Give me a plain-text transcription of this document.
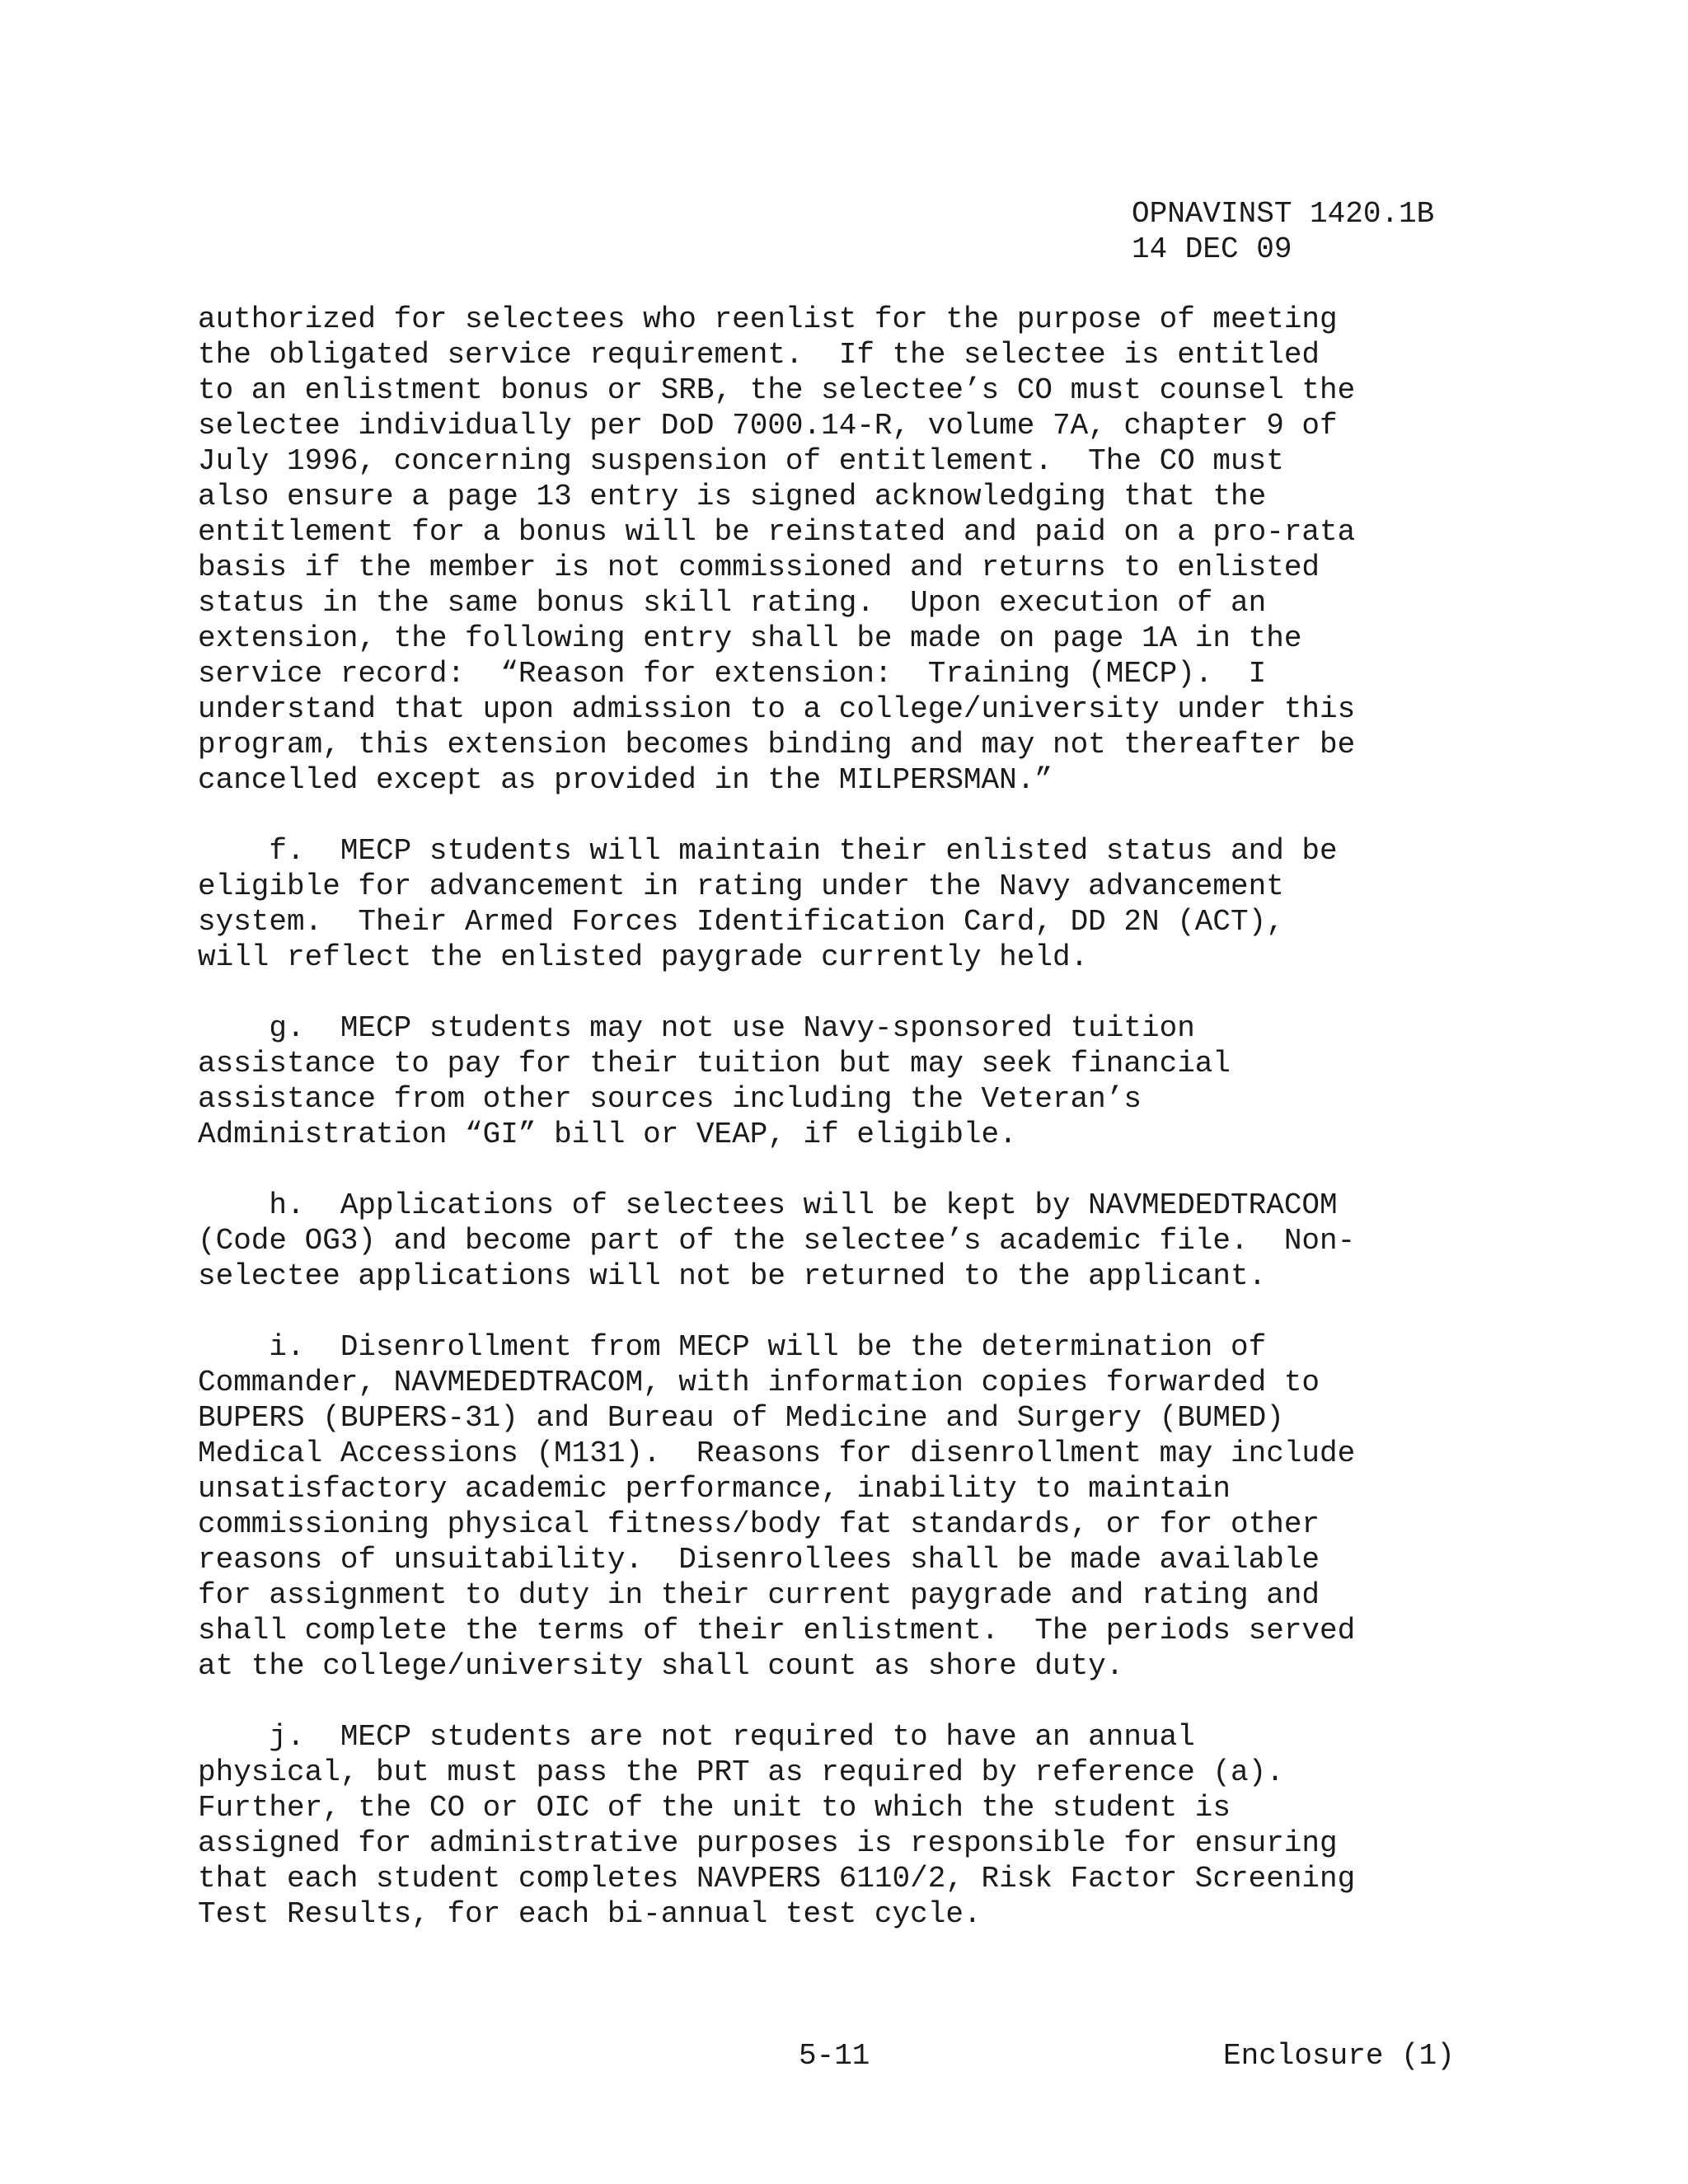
OPNAVINST 1420.1B
14 DEC 09
authorized for selectees who reenlist for the purpose of meeting
the obligated service requirement.  If the selectee is entitled
to an enlistment bonus or SRB, the selectee’s CO must counsel the
selectee individually per DoD 7000.14-R, volume 7A, chapter 9 of
July 1996, concerning suspension of entitlement.  The CO must
also ensure a page 13 entry is signed acknowledging that the
entitlement for a bonus will be reinstated and paid on a pro-rata
basis if the member is not commissioned and returns to enlisted
status in the same bonus skill rating.  Upon execution of an
extension, the following entry shall be made on page 1A in the
service record:  “Reason for extension:  Training (MECP).  I
understand that upon admission to a college/university under this
program, this extension becomes binding and may not thereafter be
cancelled except as provided in the MILPERSMAN.”
f.  MECP students will maintain their enlisted status and be
eligible for advancement in rating under the Navy advancement
system.  Their Armed Forces Identification Card, DD 2N (ACT),
will reflect the enlisted paygrade currently held.
g.  MECP students may not use Navy-sponsored tuition
assistance to pay for their tuition but may seek financial
assistance from other sources including the Veteran’s
Administration “GI” bill or VEAP, if eligible.
h.  Applications of selectees will be kept by NAVMEDEDTRACOM
(Code OG3) and become part of the selectee’s academic file.  Non-
selectee applications will not be returned to the applicant.
i.  Disenrollment from MECP will be the determination of
Commander, NAVMEDEDTRACOM, with information copies forwarded to
BUPERS (BUPERS-31) and Bureau of Medicine and Surgery (BUMED)
Medical Accessions (M131).  Reasons for disenrollment may include
unsatisfactory academic performance, inability to maintain
commissioning physical fitness/body fat standards, or for other
reasons of unsuitability.  Disenrollees shall be made available
for assignment to duty in their current paygrade and rating and
shall complete the terms of their enlistment.  The periods served
at the college/university shall count as shore duty.
j.  MECP students are not required to have an annual
physical, but must pass the PRT as required by reference (a).
Further, the CO or OIC of the unit to which the student is
assigned for administrative purposes is responsible for ensuring
that each student completes NAVPERS 6110/2, Risk Factor Screening
Test Results, for each bi-annual test cycle.
5-11	Enclosure (1)
